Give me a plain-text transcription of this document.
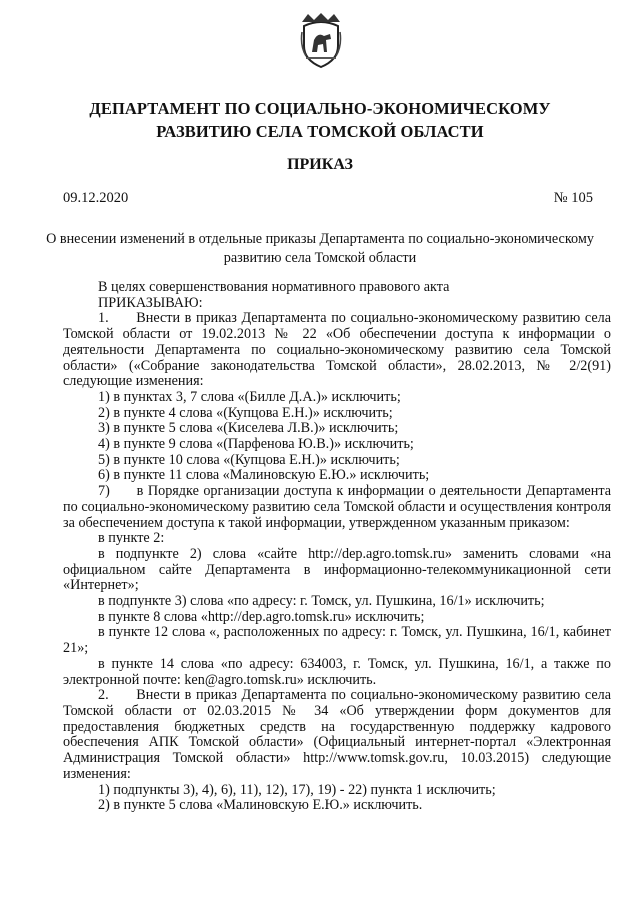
ДЕПАРТАМЕНТ ПО СОЦИАЛЬНО-ЭКОНОМИЧЕСКОМУ
РАЗВИТИЮ СЕЛА ТОМСКОЙ ОБЛАСТИ
ПРИКАЗ
09.12.2020	№ 105
О внесении изменений в отдельные приказы Департамента по социально-экономическому
развитию села Томской области

В целях совершенствования нормативного правового акта

ПРИКАЗЫВАЮ:

1.      Внести в приказ Департамента по социально-экономическому развитию села Томской области от 19.02.2013 № 22 «Об обеспечении доступа к информации о деятельности Департамента по социально-экономическому развитию села Томской области» («Собрание законодательства Томской области», 28.02.2013, № 2/2(91) следующие изменения:

1) в пунктах 3, 7 слова «(Билле Д.А.)» исключить;

2) в пункте 4 слова «(Купцова Е.Н.)» исключить;

3) в пункте 5 слова «(Киселева Л.В.)» исключить;

4) в пункте 9 слова «(Парфенова Ю.В.)» исключить;

5) в пункте 10 слова «(Купцова Е.Н.)» исключить;

6) в пункте 11 слова «Малиновскую Е.Ю.» исключить;

7)      в Порядке организации доступа к информации о деятельности Департамента по социально-экономическому развитию села Томской области и осуществления контроля за обеспечением доступа к такой информации, утвержденном указанным приказом:

в пункте 2:

в подпункте 2) слова «сайте http://dep.agro.tomsk.ru» заменить словами «на официальном сайте Департамента в информационно-телекоммуникационной сети «Интернет»;

в подпункте 3) слова «по адресу: г. Томск, ул. Пушкина, 16/1» исключить;

в пункте 8 слова «http://dep.agro.tomsk.ru» исключить;

в пункте 12 слова «, расположенных по адресу: г. Томск, ул. Пушкина, 16/1, кабинет 21»;

в пункте 14 слова «по адресу: 634003, г. Томск, ул. Пушкина, 16/1, а также по электронной почте: ken@agro.tomsk.ru» исключить.

2.      Внести в приказ Департамента по социально-экономическому развитию села Томской области от 02.03.2015 № 34 «Об утверждении форм документов для предоставления бюджетных средств на государственную поддержку кадрового обеспечения АПК Томской области» (Официальный интернет-портал «Электронная Администрация Томской области» http://www.tomsk.gov.ru, 10.03.2015) следующие изменения:

1) подпункты 3), 4), 6), 11), 12), 17), 19) - 22) пункта 1 исключить;

2) в пункте 5 слова «Малиновскую Е.Ю.» исключить.
